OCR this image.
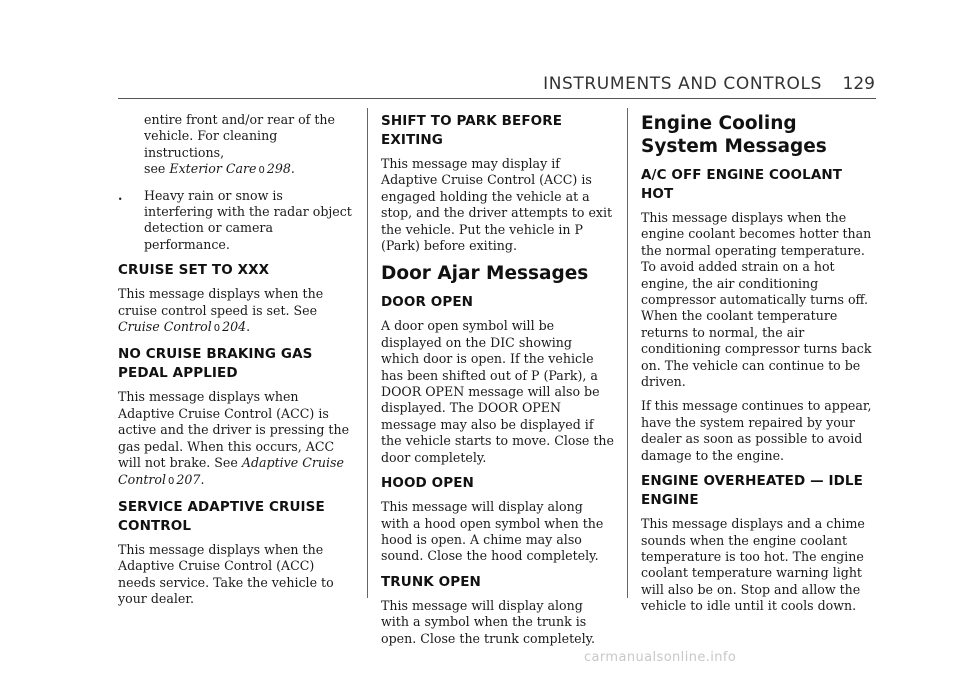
INSTRUMENTS AND CONTROLS 129

entire front and/or rear of the
vehicle. For cleaning instructions,
see Exterior Care 0 298.

. Heavy rain or snow is interfering with the radar object detection or camera performance.

CRUISE SET TO XXX

This message displays when the cruise control speed is set. See Cruise Control 0 204.

NO CRUISE BRAKING GAS PEDAL APPLIED

This message displays when Adaptive Cruise Control (ACC) is active and the driver is pressing the gas pedal. When this occurs, ACC will not brake. See Adaptive Cruise Control 0 207.

SERVICE ADAPTIVE CRUISE CONTROL

This message displays when the Adaptive Cruise Control (ACC) needs service. Take the vehicle to your dealer.

SHIFT TO PARK BEFORE EXITING

This message may display if Adaptive Cruise Control (ACC) is engaged holding the vehicle at a stop, and the driver attempts to exit the vehicle. Put the vehicle in P (Park) before exiting.

Door Ajar Messages
DOOR OPEN

A door open symbol will be displayed on the DIC showing which door is open. If the vehicle has been shifted out of P (Park), a DOOR OPEN message will also be displayed. The DOOR OPEN message may also be displayed if the vehicle starts to move. Close the door completely.

HOOD OPEN

This message will display along with a hood open symbol when the hood is open. A chime may also sound. Close the hood completely.

TRUNK OPEN

This message will display along with a symbol when the trunk is open. Close the trunk completely.

Engine Cooling System Messages
A/C OFF ENGINE COOLANT HOT

This message displays when the engine coolant becomes hotter than the normal operating temperature. To avoid added strain on a hot engine, the air conditioning compressor automatically turns off. When the coolant temperature returns to normal, the air conditioning compressor turns back on. The vehicle can continue to be driven.

If this message continues to appear, have the system repaired by your dealer as soon as possible to avoid damage to the engine.

ENGINE OVERHEATED — IDLE ENGINE

This message displays and a chime sounds when the engine coolant temperature is too hot. The engine coolant temperature warning light will also be on. Stop and allow the vehicle to idle until it cools down.

carmanualsonline.info
